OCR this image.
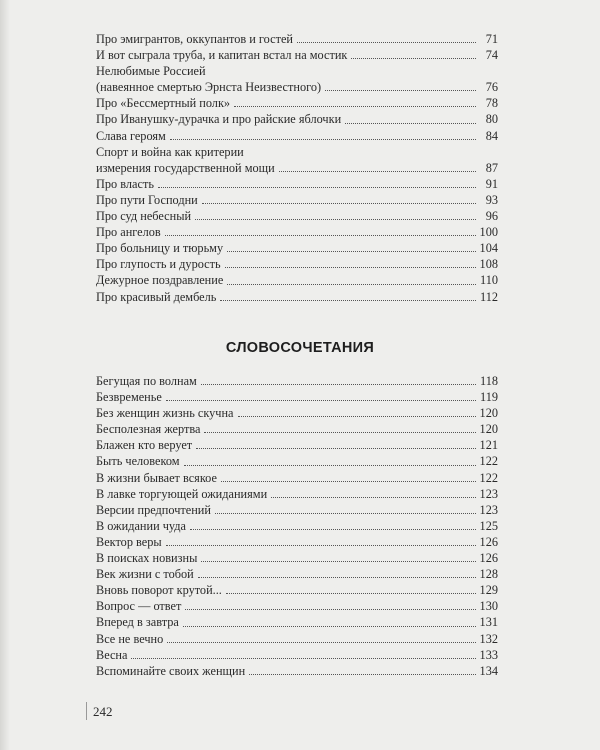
Про эмигрантов, оккупантов и гостей	71
И вот сыграла труба, и капитан встал на мостик	74
Нелюбимые Россией
(навеянное смертью Эрнста Неизвестного)	76
Про «Бессмертный полк»	78
Про Иванушку-дурачка и про райские яблочки	80
Слава героям	84
Спорт и война как критерии
измерения государственной мощи	87
Про власть	91
Про пути Господни	93
Про суд небесный	96
Про ангелов	100
Про больницу и тюрьму	104
Про глупость и дурость	108
Дежурное поздравление	110
Про красивый дембель	112
СЛОВОСОЧЕТАНИЯ
Бегущая по волнам	118
Безвременье	119
Без женщин жизнь скучна	120
Бесполезная жертва	120
Блажен кто верует	121
Быть человеком	122
В жизни бывает всякое	122
В лавке торгующей ожиданиями	123
Версии предпочтений	123
В ожидании чуда	125
Вектор веры	126
В поисках новизны	126
Век жизни с тобой	128
Вновь поворот крутой...	129
Вопрос — ответ	130
Вперед в завтра	131
Все не вечно	132
Весна	133
Вспоминайте своих женщин	134
242
